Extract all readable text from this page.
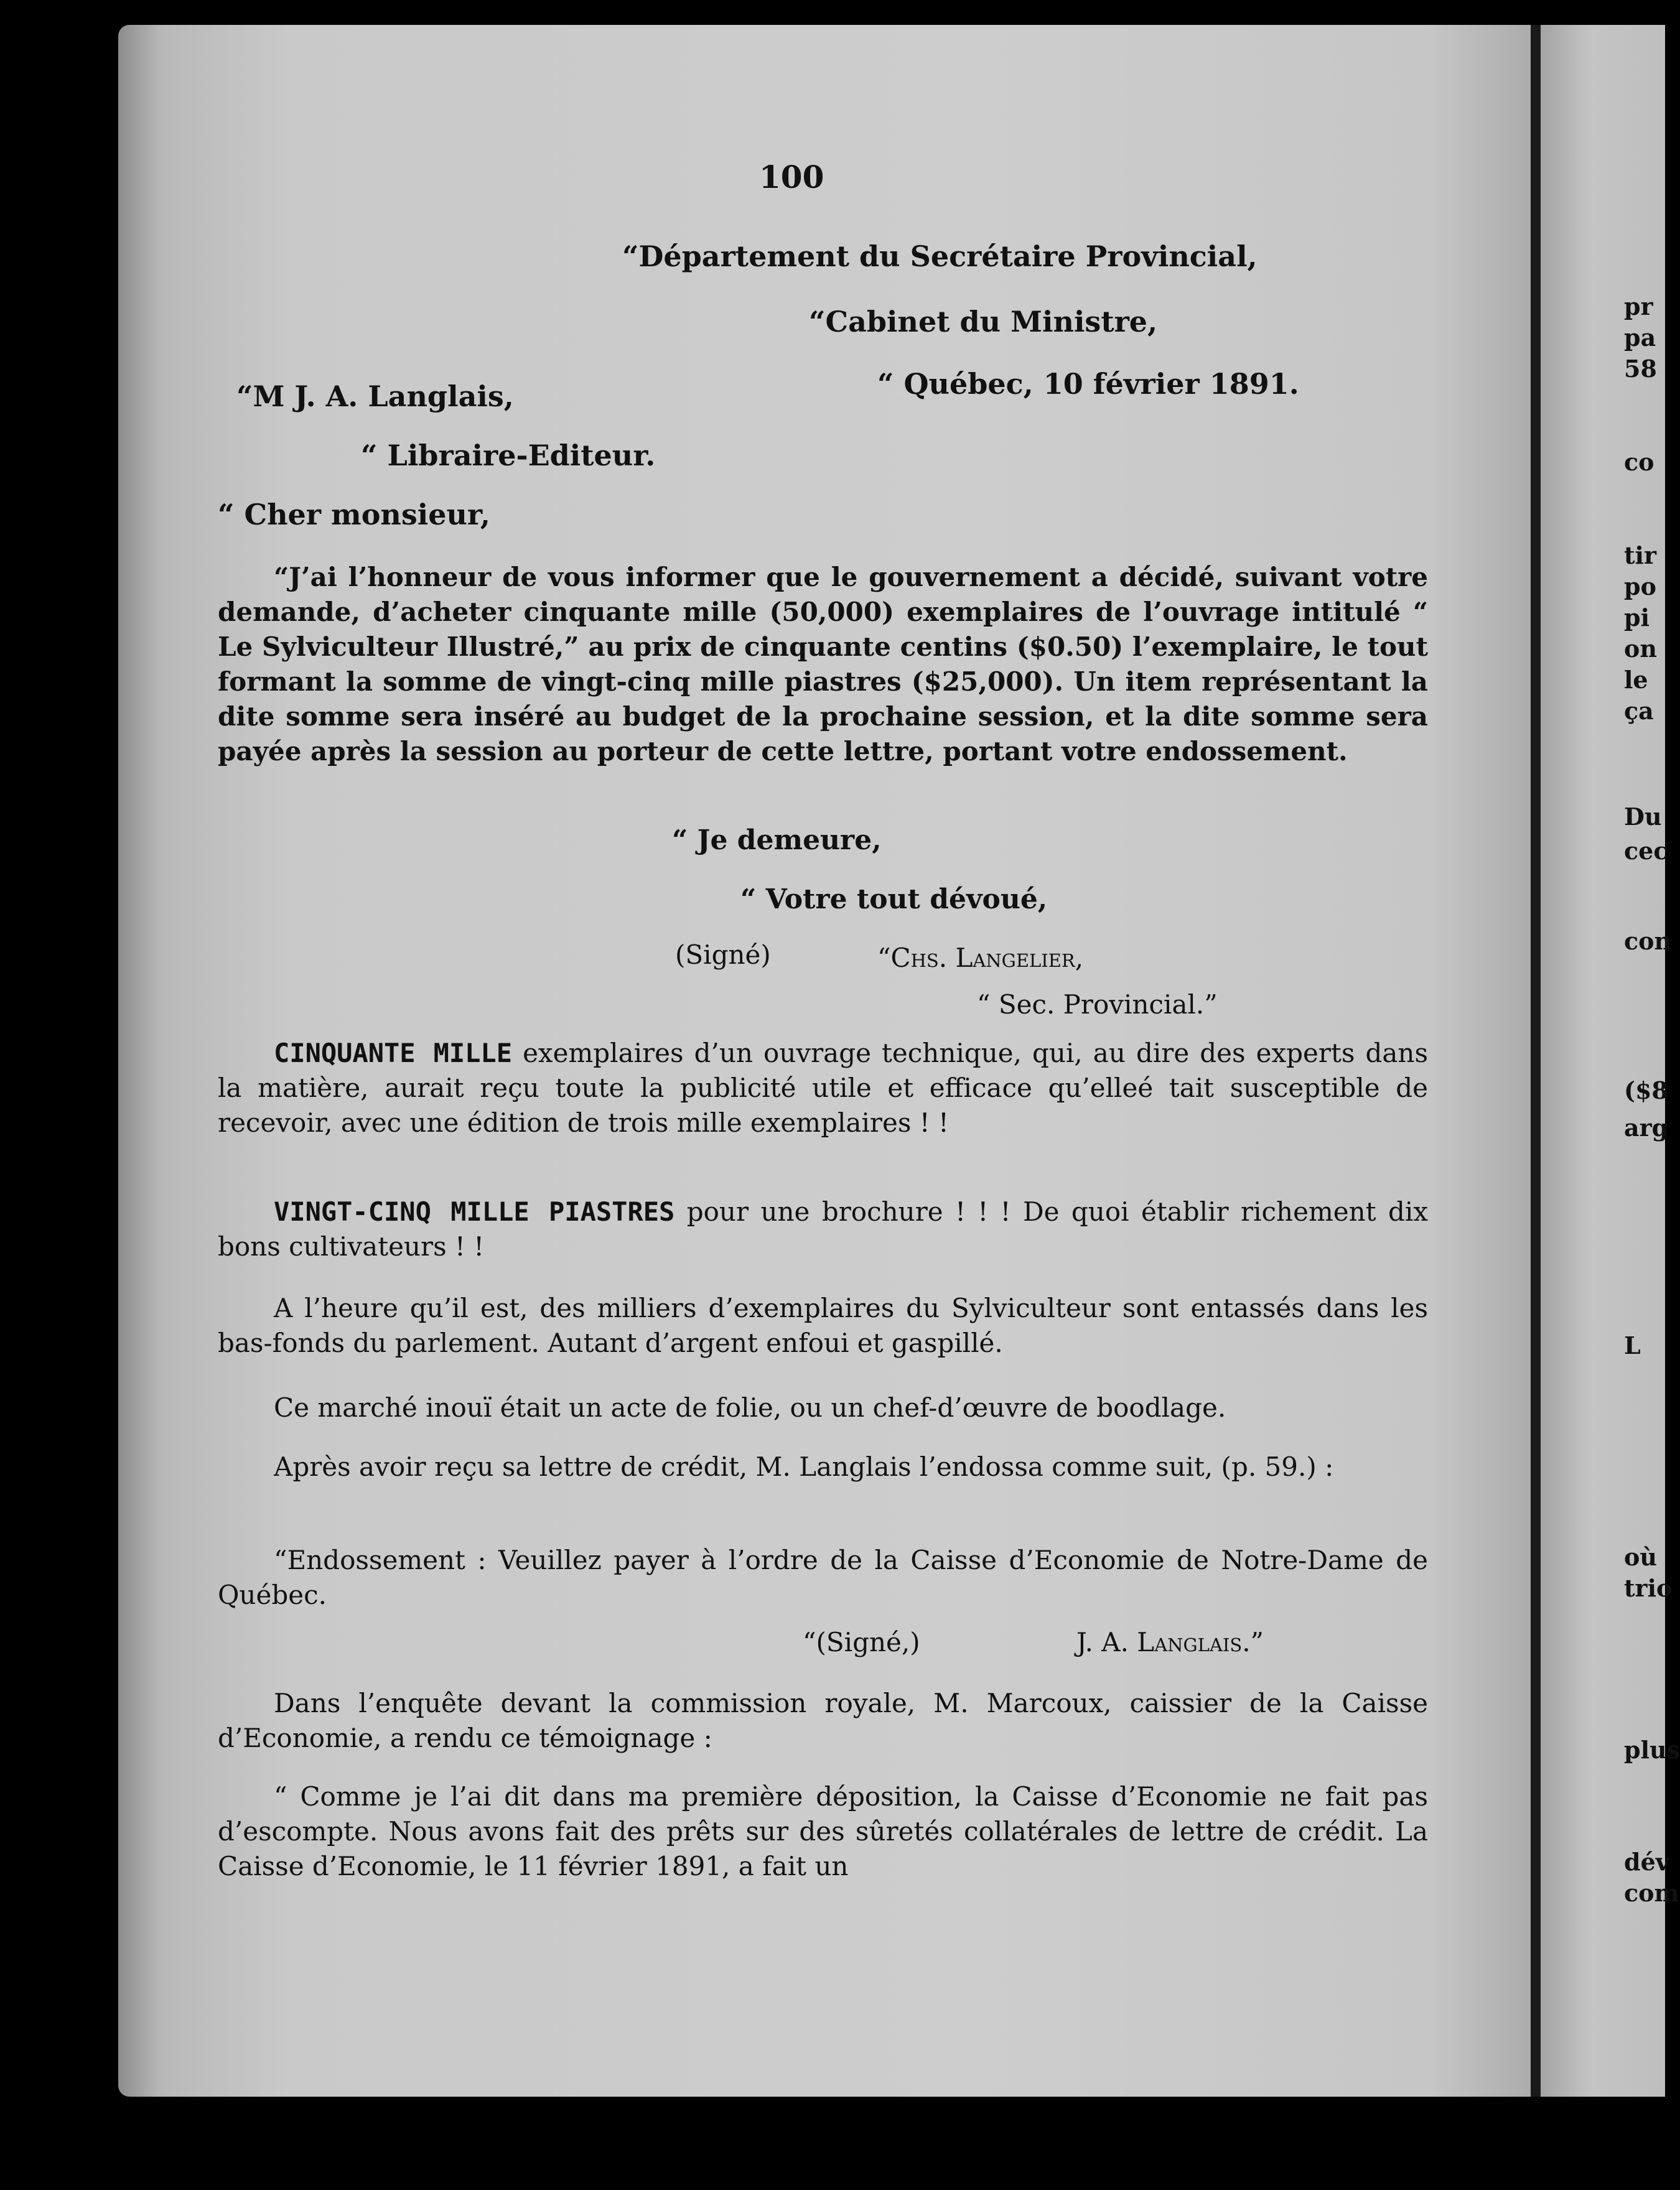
100
“Département du Secrétaire Provincial,
“Cabinet du Ministre,
“ Québec, 10 février 1891.
“M J. A. Langlais,
“ Libraire-Editeur.
“ Cher monsieur,
“J’ai l’honneur de vous informer que le gouvernement a décidé, suivant votre demande, d’acheter cinquante mille (50,000) exemplaires de l’ouvrage intitulé “ Le Sylviculteur Illustré,” au prix de cinquante centins ($0.50) l’exemplaire, le tout formant la somme de vingt-cinq mille piastres ($25,000). Un item représentant la dite somme sera inséré au budget de la prochaine session, et la dite somme sera payée après la session au porteur de cette lettre, portant votre endossement.
“ Je demeure,
“ Votre tout dévoué,
(Signé)	“Chs. Langelier,
“ Sec. Provincial.”
CINQUANTE MILLE exemplaires d’un ouvrage technique, qui, au dire des experts dans la matière, aurait reçu toute la publicité utile et efficace qu’elleé tait susceptible de recevoir, avec une édition de trois mille exemplaires ! !
VINGT-CINQ MILLE PIASTRES pour une brochure ! ! ! De quoi établir richement dix bons cultivateurs ! !
A l’heure qu’il est, des milliers d’exemplaires du Sylviculteur sont entassés dans les bas-fonds du parlement. Autant d’argent enfoui et gaspillé.
Ce marché inouï était un acte de folie, ou un chef-d’œuvre de boodlage.
Après avoir reçu sa lettre de crédit, M. Langlais l’endossa comme suit, (p. 59.) :
“Endossement : Veuillez payer à l’ordre de la Caisse d’Economie de Notre-Dame de Québec.
“(Signé,)	J. A. Langlais.”
Dans l’enquête devant la commission royale, M. Marcoux, caissier de la Caisse d’Economie, a rendu ce témoignage :
“ Comme je l’ai dit dans ma première déposition, la Caisse d’Economie ne fait pas d’escompte. Nous avons fait des prêts sur des sûretés collatérales de lettre de crédit. La Caisse d’Economie, le 11 février 1891, a fait un
pr
pa
58
co
tir
po
pi
on
le
ça
Du
cec
con
($8
arg
L
où
trio
plus
dév
com
